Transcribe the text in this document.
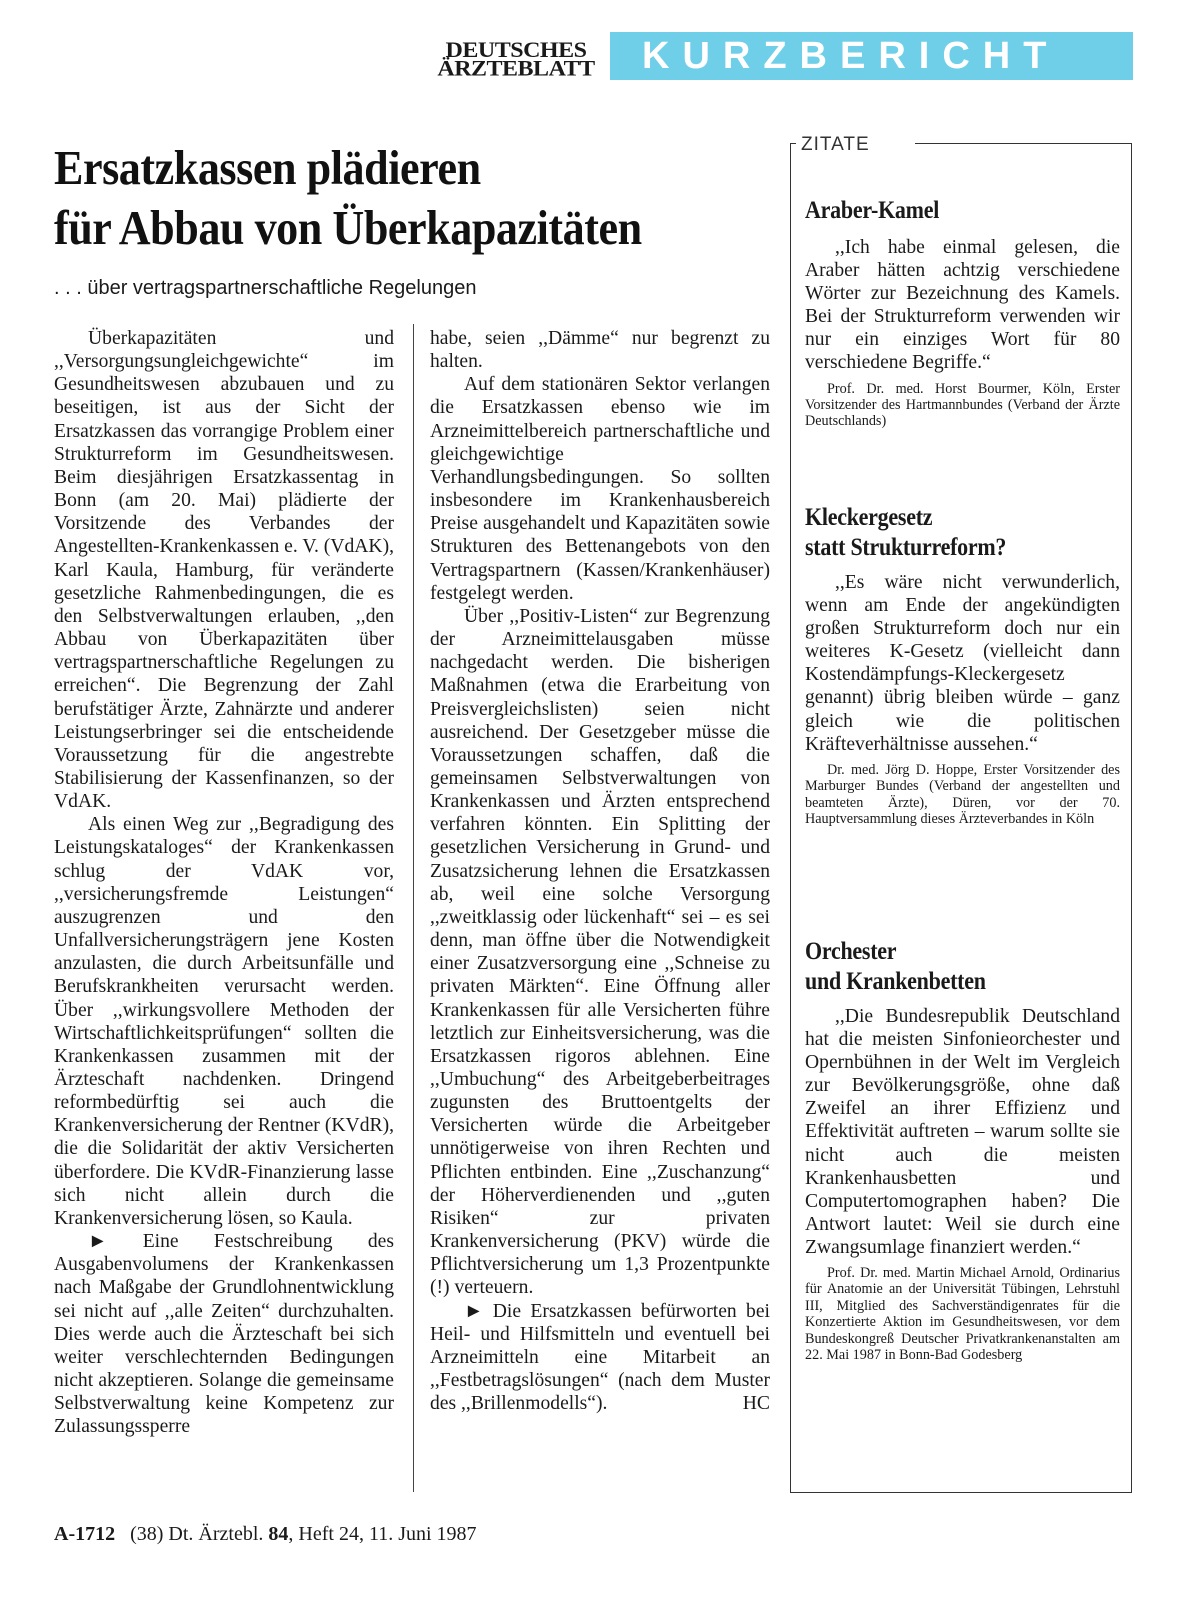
DEUTSCHES
ÄRZTEBLATT	KURZBERICHT
Ersatzkassen plädieren
für Abbau von Überkapazitäten
. . . über vertragspartnerschaftliche Regelungen

Überkapazitäten und ,,Versorgungsungleichgewichte“ im Gesundheitswesen abzubauen und zu beseitigen, ist aus der Sicht der Ersatzkassen das vorrangige Problem einer Strukturreform im Gesundheitswesen. Beim diesjährigen Ersatzkassentag in Bonn (am 20. Mai) plädierte der Vorsitzende des Verbandes der Angestellten-Krankenkassen e. V. (VdAK), Karl Kaula, Hamburg, für veränderte gesetzliche Rahmenbedingungen, die es den Selbstverwaltungen erlauben, ,,den Abbau von Überkapazitäten über vertragspartnerschaftliche Regelungen zu erreichen“. Die Begrenzung der Zahl berufstätiger Ärzte, Zahnärzte und anderer Leistungserbringer sei die entscheidende Voraussetzung für die angestrebte Stabilisierung der Kassenfinanzen, so der VdAK.

Als einen Weg zur ,,Begradigung des Leistungskataloges“ der Krankenkassen schlug der VdAK vor, ,,versicherungsfremde Leistungen“ auszugrenzen und den Unfallversicherungsträgern jene Kosten anzulasten, die durch Arbeitsunfälle und Berufskrankheiten verursacht werden. Über ,,wirkungsvollere Methoden der Wirtschaftlichkeitsprüfungen“ sollten die Krankenkassen zusammen mit der Ärzteschaft nachdenken. Dringend reformbedürftig sei auch die Krankenversicherung der Rentner (KVdR), die die Solidarität der aktiv Versicherten überfordere. Die KVdR-Finanzierung lasse sich nicht allein durch die Krankenversicherung lösen, so Kaula.

► Eine Festschreibung des Ausgabenvolumens der Krankenkassen nach Maßgabe der Grundlohnentwicklung sei nicht auf ,,alle Zeiten“ durchzuhalten. Dies werde auch die Ärzteschaft bei sich weiter verschlechternden Bedingungen nicht akzeptieren. Solange die gemeinsame Selbstverwaltung keine Kompetenz zur Zulassungssperre

habe, seien ,,Dämme“ nur begrenzt zu halten.

Auf dem stationären Sektor verlangen die Ersatzkassen ebenso wie im Arzneimittelbereich partnerschaftliche und gleichgewichtige Verhandlungsbedingungen. So sollten insbesondere im Krankenhausbereich Preise ausgehandelt und Kapazitäten sowie Strukturen des Bettenangebots von den Vertragspartnern (Kassen/Krankenhäuser) festgelegt werden.

Über ,,Positiv-Listen“ zur Begrenzung der Arzneimittelausgaben müsse nachgedacht werden. Die bisherigen Maßnahmen (etwa die Erarbeitung von Preisvergleichslisten) seien nicht ausreichend. Der Gesetzgeber müsse die Voraussetzungen schaffen, daß die gemeinsamen Selbstverwaltungen von Krankenkassen und Ärzten entsprechend verfahren könnten. Ein Splitting der gesetzlichen Versicherung in Grund- und Zusatzsicherung lehnen die Ersatzkassen ab, weil eine solche Versorgung ,,zweitklassig oder lückenhaft“ sei – es sei denn, man öffne über die Notwendigkeit einer Zusatzversorgung eine ,,Schneise zu privaten Märkten“. Eine Öffnung aller Krankenkassen für alle Versicherten führe letztlich zur Einheitsversicherung, was die Ersatzkassen rigoros ablehnen. Eine ,,Umbuchung“ des Arbeitgeberbeitrages zugunsten des Bruttoentgelts der Versicherten würde die Arbeitgeber unnötigerweise von ihren Rechten und Pflichten entbinden. Eine ,,Zuschanzung“ der Höherverdienenden und ,,guten Risiken“ zur privaten Krankenversicherung (PKV) würde die Pflichtversicherung um 1,3 Prozentpunkte (!) verteuern.

► Die Ersatzkassen befürworten bei Heil- und Hilfsmitteln und eventuell bei Arzneimitteln eine Mitarbeit an ,,Festbetragslösungen“ (nach dem Muster des ,,Brillenmodells“).	HC
ZITATE
Araber-Kamel

,,Ich habe einmal gelesen, die Araber hätten achtzig verschiedene Wörter zur Bezeichnung des Kamels. Bei der Strukturreform verwenden wir nur ein einziges Wort für 80 verschiedene Begriffe.“

Prof. Dr. med. Horst Bourmer, Köln, Erster Vorsitzender des Hartmannbundes (Verband der Ärzte Deutschlands)
Kleckergesetz
statt Strukturreform?

,,Es wäre nicht verwunderlich, wenn am Ende der angekündigten großen Strukturreform doch nur ein weiteres K-Gesetz (vielleicht dann Kostendämpfungs-Kleckergesetz genannt) übrig bleiben würde – ganz gleich wie die politischen Kräfteverhältnisse aussehen.“

Dr. med. Jörg D. Hoppe, Erster Vorsitzender des Marburger Bundes (Verband der angestellten und beamteten Ärzte), Düren, vor der 70. Hauptversammlung dieses Ärzteverbandes in Köln
Orchester
und Krankenbetten

,,Die Bundesrepublik Deutschland hat die meisten Sinfonieorchester und Opernbühnen in der Welt im Vergleich zur Bevölkerungsgröße, ohne daß Zweifel an ihrer Effizienz und Effektivität auftreten – warum sollte sie nicht auch die meisten Krankenhausbetten und Computertomographen haben? Die Antwort lautet: Weil sie durch eine Zwangsumlage finanziert werden.“

Prof. Dr. med. Martin Michael Arnold, Ordinarius für Anatomie an der Universität Tübingen, Lehrstuhl III, Mitglied des Sachverständigenrates für die Konzertierte Aktion im Gesundheitswesen, vor dem Bundeskongreß Deutscher Privatkrankenanstalten am 22. Mai 1987 in Bonn-Bad Godesberg
A-1712 (38) Dt. Ärztebl. 84, Heft 24, 11. Juni 1987
